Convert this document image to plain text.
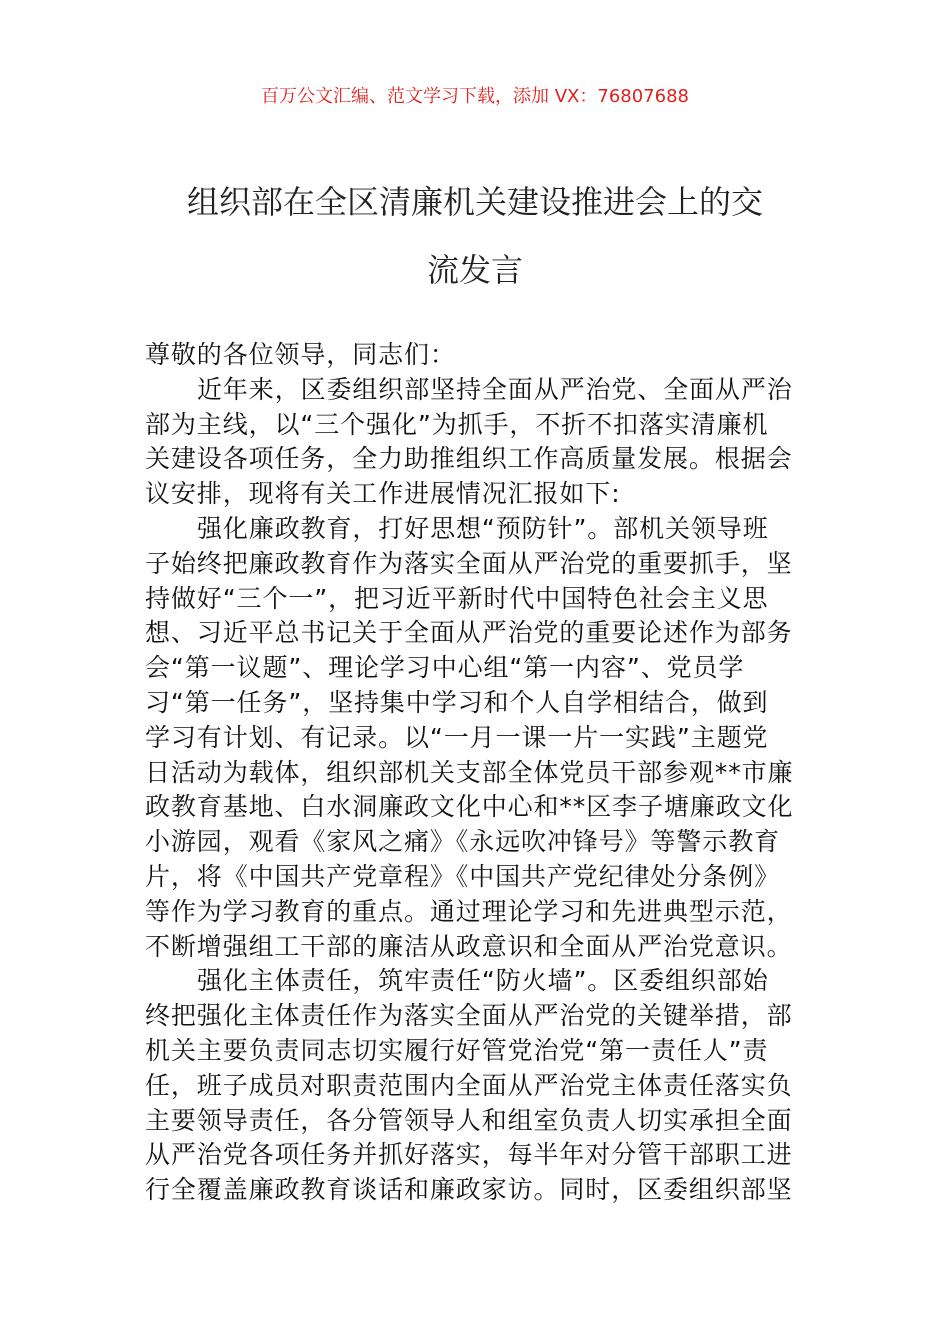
百万公文汇编、范文学习下载，添加 VX：76807688
组织部在全区清廉机关建设推进会上的交
流发言
尊敬的各位领导，同志们：
近年来，区委组织部坚持全面从严治党、全面从严治
部为主线，以“三个强化”为抓手，不折不扣落实清廉机
关建设各项任务，全力助推组织工作高质量发展。根据会
议安排，现将有关工作进展情况汇报如下:
强化廉政教育，打好思想“预防针”。部机关领导班
子始终把廉政教育作为落实全面从严治党的重要抓手，坚
持做好“三个一”，把习近平新时代中国特色社会主义思
想、习近平总书记关于全面从严治党的重要论述作为部务
会“第一议题”、理论学习中心组“第一内容”、党员学
习“第一任务”，坚持集中学习和个人自学相结合，做到
学习有计划、有记录。以“一月一课一片一实践”主题党
日活动为载体，组织部机关支部全体党员干部参观**市廉
政教育基地、白水洞廉政文化中心和**区李子塘廉政文化
小游园，观看《家风之痛》《永远吹冲锋号》等警示教育
片，将《中国共产党章程》《中国共产党纪律处分条例》
等作为学习教育的重点。通过理论学习和先进典型示范，
不断增强组工干部的廉洁从政意识和全面从严治党意识。
强化主体责任，筑牢责任“防火墙”。区委组织部始
终把强化主体责任作为落实全面从严治党的关键举措，部
机关主要负责同志切实履行好管党治党“第一责任人”责
任，班子成员对职责范围内全面从严治党主体责任落实负
主要领导责任，各分管领导人和组室负责人切实承担全面
从严治党各项任务并抓好落实，每半年对分管干部职工进
行全覆盖廉政教育谈话和廉政家访。同时，区委组织部坚
